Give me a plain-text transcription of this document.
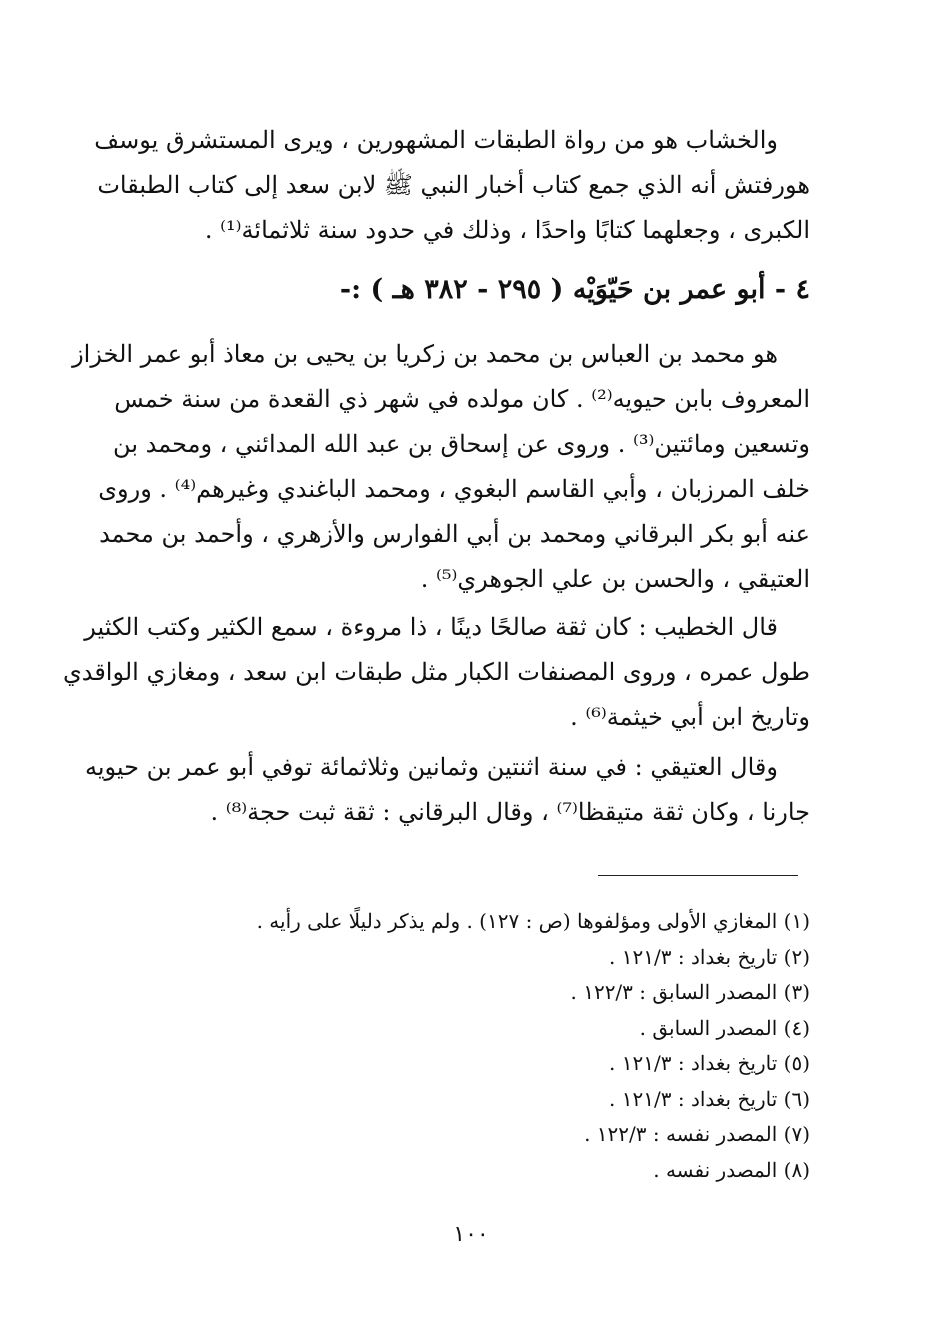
والخشاب هو من رواة الطبقات المشهورين ، ويرى المستشرق يوسف
هورفتش أنه الذي جمع كتاب أخبار النبي ﷺ لابن سعد إلى كتاب الطبقات
الكبرى ، وجعلهما كتابًا واحدًا ، وذلك في حدود سنة ثلاثمائة⁽¹⁾ .
٤ - أبو عمر بن حَيّوَيْه ( ٢٩٥ - ٣٨٢ هـ ) :-
هو محمد بن العباس بن محمد بن زكريا بن يحيى بن معاذ أبو عمر الخزاز
المعروف بابن حيويه⁽²⁾ . كان مولده في شهر ذي القعدة من سنة خمس
وتسعين ومائتين⁽³⁾ . وروى عن إسحاق بن عبد الله المدائني ، ومحمد بن
خلف المرزبان ، وأبي القاسم البغوي ، ومحمد الباغندي وغيرهم⁽⁴⁾ . وروى
عنه أبو بكر البرقاني ومحمد بن أبي الفوارس والأزهري ، وأحمد بن محمد
العتيقي ، والحسن بن علي الجوهري⁽⁵⁾ .
قال الخطيب : كان ثقة صالحًا دينًا ، ذا مروءة ، سمع الكثير وكتب الكثير
طول عمره ، وروى المصنفات الكبار مثل طبقات ابن سعد ، ومغازي الواقدي
وتاريخ ابن أبي خيثمة⁽⁶⁾ .
وقال العتيقي : في سنة اثنتين وثمانين وثلاثمائة توفي أبو عمر بن حيويه
جارنا ، وكان ثقة متيقظا⁽⁷⁾ ، وقال البرقاني : ثقة ثبت حجة⁽⁸⁾ .
(١) المغازي الأولى ومؤلفوها (ص : ١٢٧) . ولم يذكر دليلًا على رأيه .
(٢) تاريخ بغداد : ١٢١/٣ .
(٣) المصدر السابق : ١٢٢/٣ .
(٤) المصدر السابق .
(٥) تاريخ بغداد : ١٢١/٣ .
(٦) تاريخ بغداد : ١٢١/٣ .
(٧) المصدر نفسه : ١٢٢/٣ .
(٨) المصدر نفسه .
١٠٠
